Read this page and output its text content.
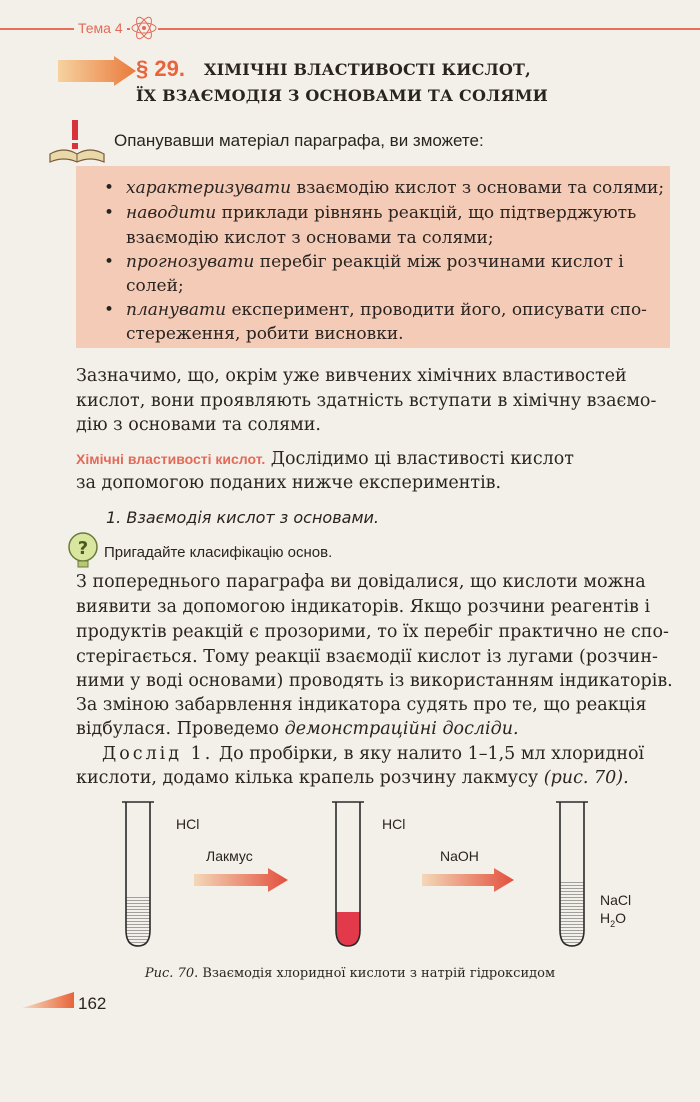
Тема 4
§ 29. ХІМІЧНІ ВЛАСТИВОСТІ КИСЛОТ,
ЇХ ВЗАЄМОДІЯ З ОСНОВАМИ ТА СОЛЯМИ
Опанувавши матеріал параграфа, ви зможете:
• характеризувати взаємодію кислот з основами та солями;
• наводити приклади рівнянь реакцій, що підтверджують
взаємодію кислот з основами та солями;
• прогнозувати перебіг реакцій між розчинами кислот і
солей;
• планувати експеримент, проводити його, описувати спо-
стереження, робити висновки.
Зазначимо, що, окрім уже вивчених хімічних властивостей
кислот, вони проявляють здатність вступати в хімічну взаємо-
дію з основами та солями.
Хімічні властивості кислот. Дослідимо ці властивості кислот
за допомогою поданих нижче експериментів.
1. Взаємодія кислот з основами.
? Пригадайте класифікацію основ.
З попереднього параграфа ви довідалися, що кислоти можна
виявити за допомогою індикаторів. Якщо розчини реагентів і
продуктів реакцій є прозорими, то їх перебіг практично не спо-
стерігається. Тому реакції взаємодії кислот із лугами (розчин-
ними у воді основами) проводять із використанням індикаторів.
За зміною забарвлення індикатора судять про те, що реакція
відбулася. Проведемо демонстраційні досліди.
Дослід 1. До пробірки, в яку налито 1–1,5 мл хлоридної
кислоти, додамо кілька крапель розчину лакмусу (рис. 70).
HCl
Лакмус
HCl
NaOH
NaCl
$H_2O$
Рис. 70. Взаємодія хлоридної кислоти з натрій гідроксидом
162
